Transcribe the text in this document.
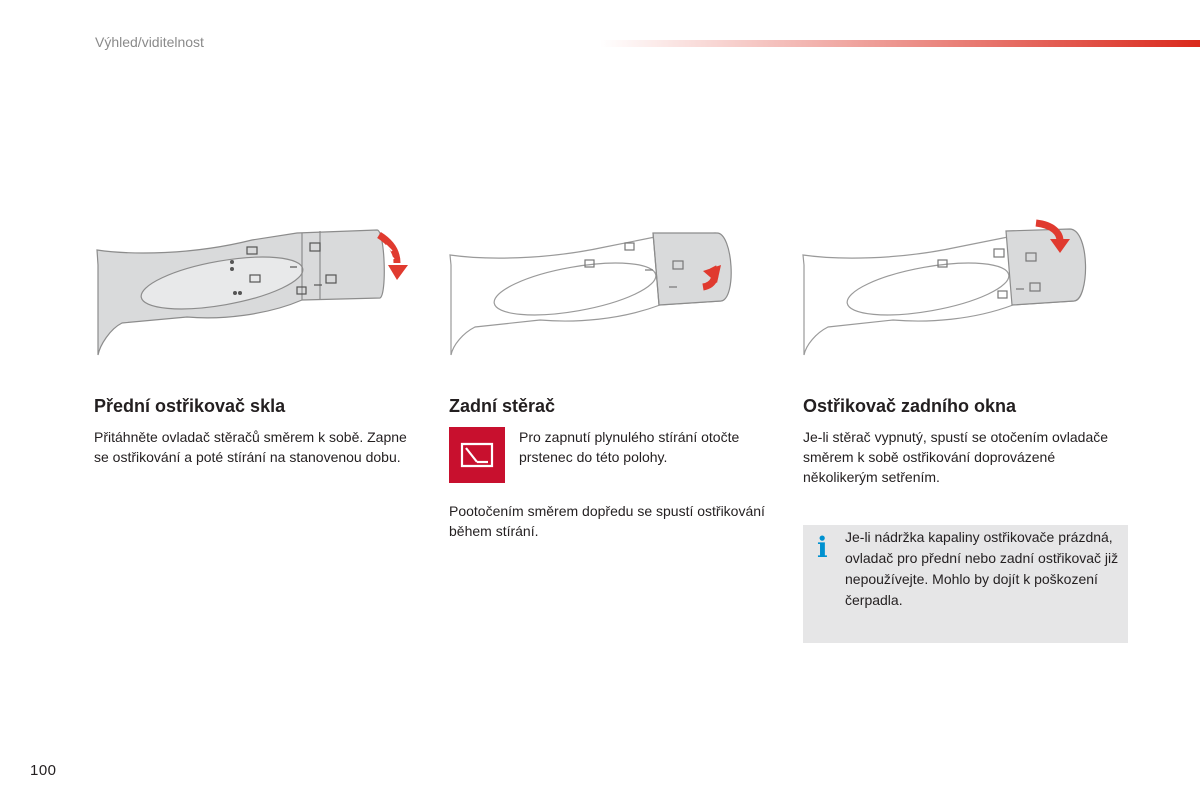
Výhled/viditelnost
Přední ostřikovač skla

Přitáhněte ovladač stěračů směrem k sobě. Zapne se ostřikování a poté stírání na stanovenou dobu.

Zadní stěrač

Pro zapnutí plynulého stírání otočte prstenec do této polohy.

Pootočením směrem dopředu se spustí ostřikování během stírání.

Ostřikovač zadního okna

Je-li stěrač vypnutý, spustí se otočením ovladače směrem k sobě ostřikování doprovázené několikerým setřením.

i Je-li nádržka kapaliny ostřikovače prázdná, ovladač pro přední nebo zadní ostřikovač již nepoužívejte. Mohlo by dojít k poškození čerpadla.
100
